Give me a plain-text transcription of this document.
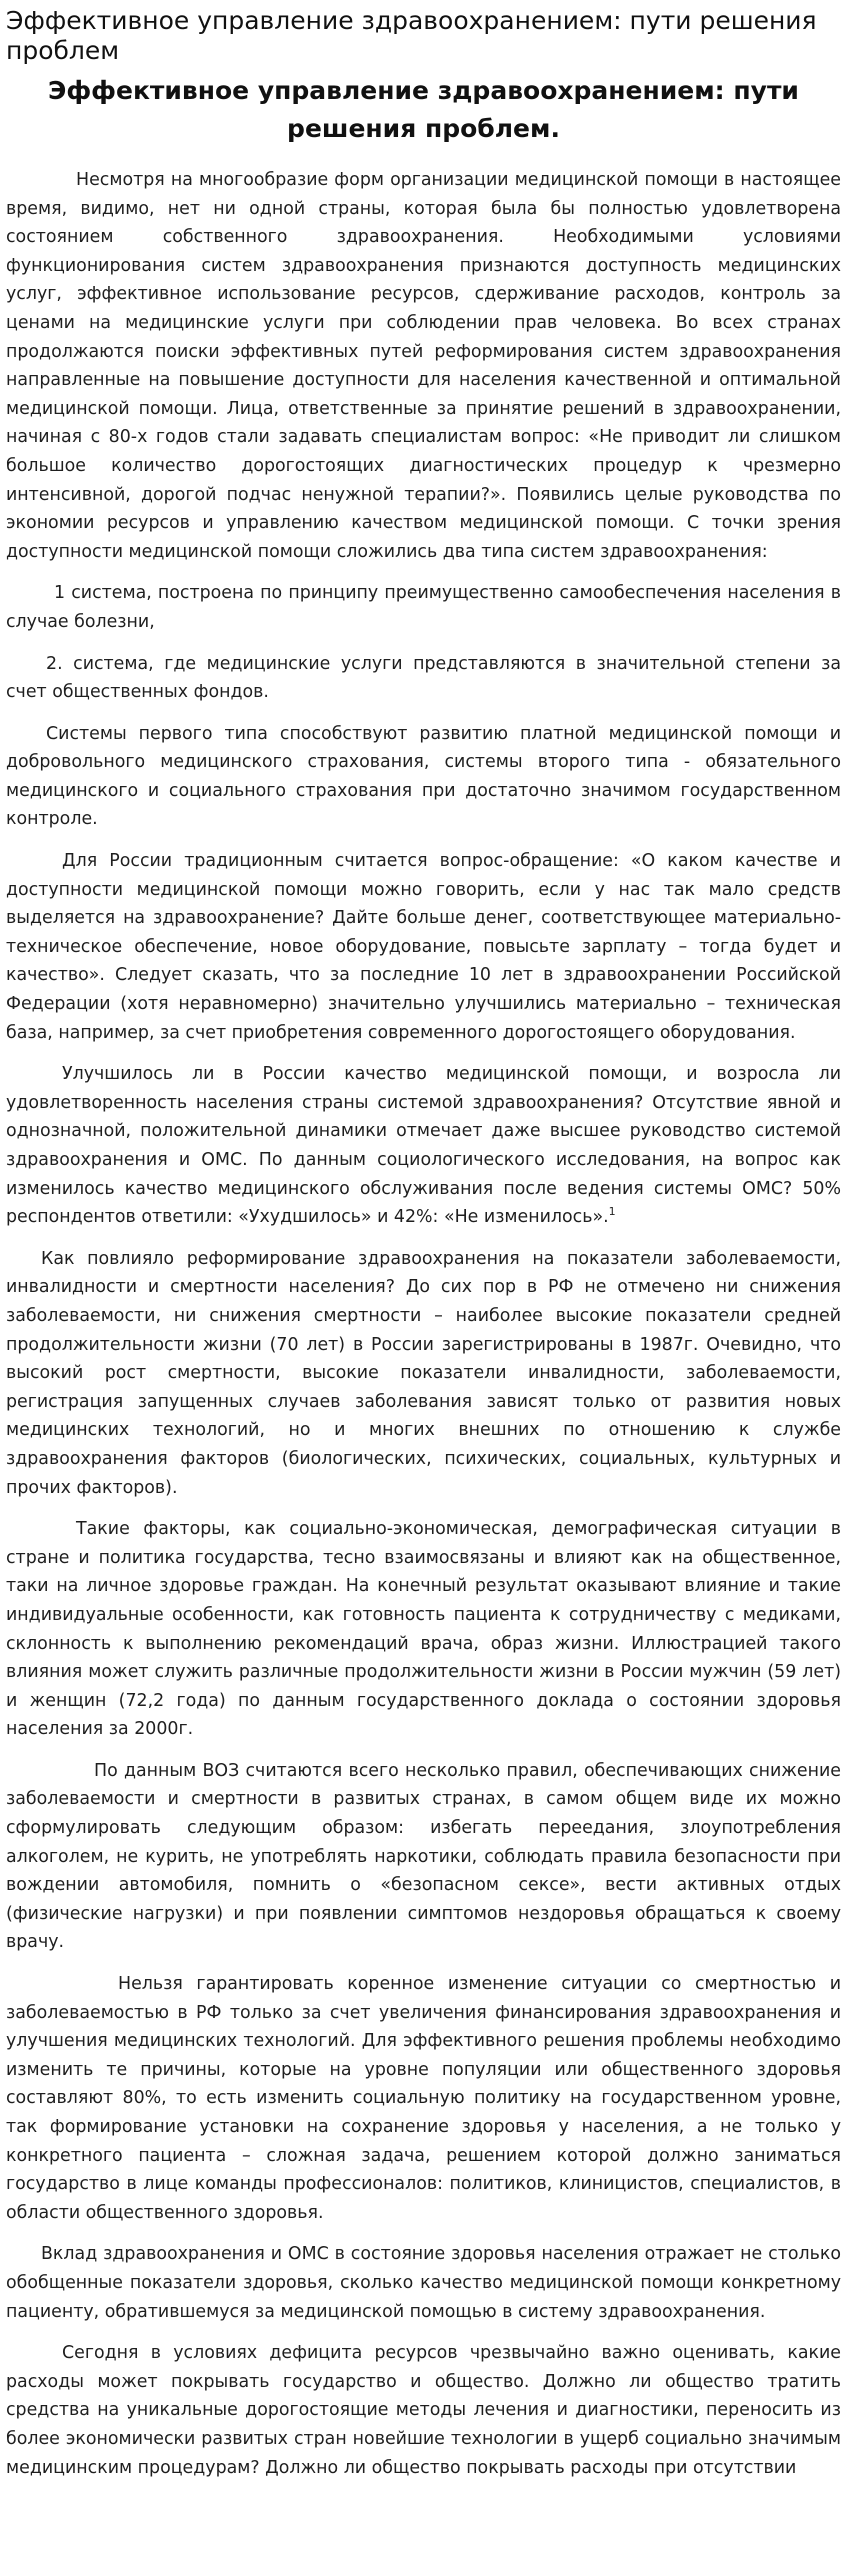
Эффективное управление здравоохранением: пути решения проблем
Эффективное управление здравоохранением: пути решения проблем.

Несмотря на многообразие форм организации медицинской помощи в настоящее время, видимо, нет ни одной страны, которая была бы полностью удовлетворена состоянием собственного здравоохранения. Необходимыми условиями функционирования систем здравоохранения признаются доступность медицинских услуг, эффективное использование ресурсов, сдерживание расходов, контроль за ценами на медицинские услуги при соблюдении прав человека. Во всех странах продолжаются поиски эффективных путей реформирования систем здравоохранения направленные на повышение доступности для населения качественной и оптимальной медицинской помощи. Лица, ответственные за принятие решений в здравоохранении, начиная с 80-х годов стали задавать специалистам вопрос: «Не приводит ли слишком большое количество дорогостоящих диагностических процедур к чрезмерно интенсивной, дорогой подчас ненужной терапии?». Появились целые руководства по экономии ресурсов и управлению качеством медицинской помощи. С точки зрения доступности медицинской помощи сложились два типа систем здравоохранения:

1 система, построена по принципу преимущественно самообеспечения населения в случае болезни,

2. система, где медицинские услуги представляются в значительной степени за счет общественных фондов.

Системы первого типа способствуют развитию платной медицинской помощи и добровольного медицинского страхования, системы второго типа - обязательного медицинского и социального страхования при достаточно значимом государственном контроле.

Для России традиционным считается вопрос-обращение: «О каком качестве и доступности медицинской помощи можно говорить, если у нас так мало средств выделяется на здравоохранение? Дайте больше денег, соответствующее материально-техническое обеспечение, новое оборудование, повысьте зарплату – тогда будет и качество». Следует сказать, что за последние 10 лет в здравоохранении Российской Федерации (хотя неравномерно) значительно улучшились материально – техническая база, например, за счет приобретения современного дорогостоящего оборудования.

Улучшилось ли в России качество медицинской помощи, и возросла ли удовлетворенность населения страны системой здравоохранения? Отсутствие явной и однозначной, положительной динамики отмечает даже высшее руководство системой здравоохранения и ОМС. По данным социологического исследования, на вопрос как изменилось качество медицинского обслуживания после ведения системы ОМС? 50% респондентов ответили: «Ухудшилось» и 42%: «Не изменилось».$^1$

Как повлияло реформирование здравоохранения на показатели заболеваемости, инвалидности и смертности населения? До сих пор в РФ не отмечено ни снижения заболеваемости, ни снижения смертности – наиболее высокие показатели средней продолжительности жизни (70 лет) в России зарегистрированы в 1987г. Очевидно, что высокий рост смертности, высокие показатели инвалидности, заболеваемости, регистрация запущенных случаев заболевания зависят только от развития новых медицинских технологий, но и многих внешних по отношению к службе здравоохранения факторов (биологических, психических, социальных, культурных и прочих факторов).

Такие факторы, как социально-экономическая, демографическая ситуации в стране и политика государства, тесно взаимосвязаны и влияют как на общественное, таки на личное здоровье граждан. На конечный результат оказывают влияние и такие индивидуальные особенности, как готовность пациента к сотрудничеству с медиками, склонность к выполнению рекомендаций врача, образ жизни. Иллюстрацией такого влияния может служить различные продолжительности жизни в России мужчин (59 лет) и женщин (72,2 года) по данным государственного доклада о состоянии здоровья населения за 2000г.

По данным ВОЗ считаются всего несколько правил, обеспечивающих снижение заболеваемости и смертности в развитых странах, в самом общем виде их можно сформулировать следующим образом: избегать переедания, злоупотребления алкоголем, не курить, не употреблять наркотики, соблюдать правила безопасности при вождении автомобиля, помнить о «безопасном сексе», вести активных отдых (физические нагрузки) и при появлении симптомов нездоровья обращаться к своему врачу.

Нельзя гарантировать коренное изменение ситуации со смертностью и заболеваемостью в РФ только за счет увеличения финансирования здравоохранения и улучшения медицинских технологий. Для эффективного решения проблемы необходимо изменить те причины, которые на уровне популяции или общественного здоровья составляют 80%, то есть изменить социальную политику на государственном уровне, так формирование установки на сохранение здоровья у населения, а не только у конкретного пациента – сложная задача, решением которой должно заниматься государство в лице команды профессионалов: политиков, клиницистов, специалистов, в области общественного здоровья.

Вклад здравоохранения и ОМС в состояние здоровья населения отражает не столько обобщенные показатели здоровья, сколько качество медицинской помощи конкретному пациенту, обратившемуся за медицинской помощью в систему здравоохранения.

Сегодня в условиях дефицита ресурсов чрезвычайно важно оценивать, какие расходы может покрывать государство и общество. Должно ли общество тратить средства на уникальные дорогостоящие методы лечения и диагностики, переносить из более экономически развитых стран новейшие технологии в ущерб социально значимым медицинским процедурам? Должно ли общество покрывать расходы при отсутствии
